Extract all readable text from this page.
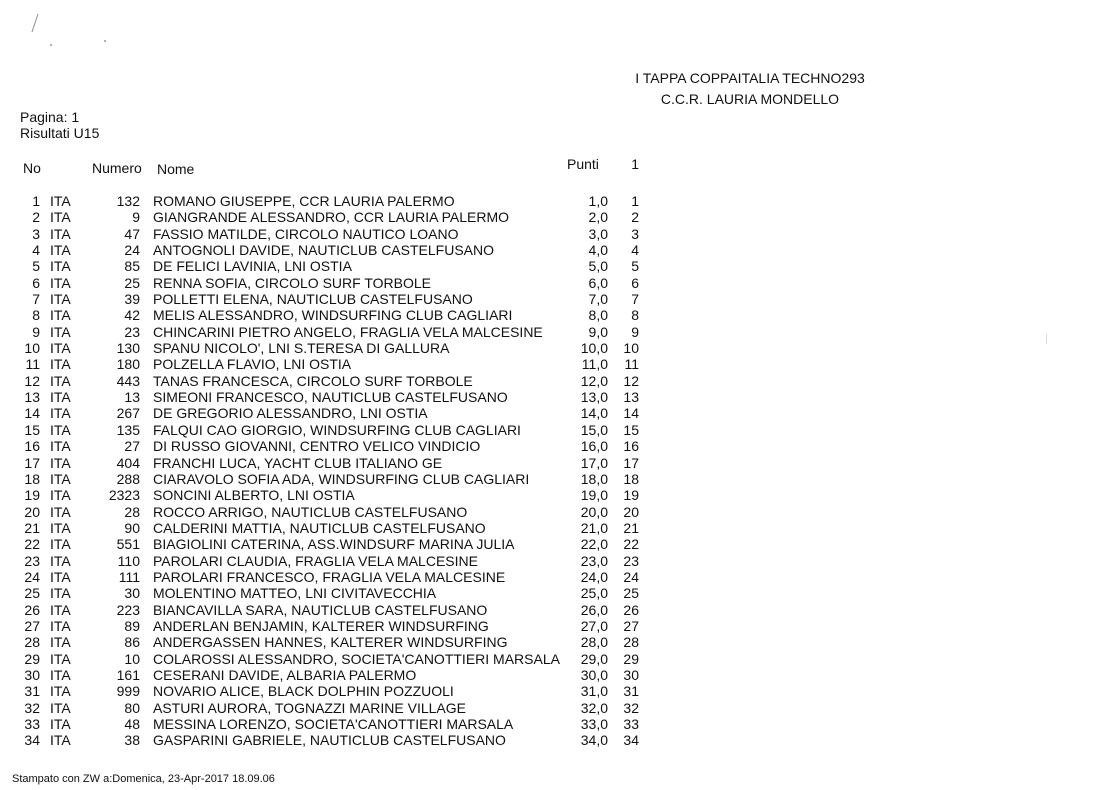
I TAPPA COPPAITALIA TECHNO293
C.C.R. LAURIA MONDELLO
Pagina: 1
Risultati U15
No	Numero Nome	Punti	1
1 ITA	132 ROMANO GIUSEPPE, CCR LAURIA PALERMO	1,0	1
2 ITA	9 GIANGRANDE ALESSANDRO, CCR LAURIA PALERMO	2,0	2
3 ITA	47 FASSIO MATILDE, CIRCOLO NAUTICO LOANO	3,0	3
4 ITA	24 ANTOGNOLI DAVIDE, NAUTICLUB CASTELFUSANO	4,0	4
5 ITA	85 DE FELICI LAVINIA, LNI OSTIA	5,0	5
6 ITA	25 RENNA SOFIA, CIRCOLO SURF TORBOLE	6,0	6
7 ITA	39 POLLETTI ELENA, NAUTICLUB CASTELFUSANO	7,0	7
8 ITA	42 MELIS ALESSANDRO, WINDSURFING CLUB CAGLIARI	8,0	8
9 ITA	23 CHINCARINI PIETRO ANGELO, FRAGLIA VELA MALCESINE	9,0	9
10 ITA	130 SPANU NICOLO', LNI S.TERESA DI GALLURA	10,0	10
11 ITA	180 POLZELLA FLAVIO, LNI OSTIA	11,0	11
12 ITA	443 TANAS FRANCESCA, CIRCOLO SURF TORBOLE	12,0	12
13 ITA	13 SIMEONI FRANCESCO, NAUTICLUB CASTELFUSANO	13,0	13
14 ITA	267 DE GREGORIO ALESSANDRO, LNI OSTIA	14,0	14
15 ITA	135 FALQUI CAO GIORGIO, WINDSURFING CLUB CAGLIARI	15,0	15
16 ITA	27 DI RUSSO GIOVANNI, CENTRO VELICO VINDICIO	16,0	16
17 ITA	404 FRANCHI LUCA, YACHT CLUB ITALIANO GE	17,0	17
18 ITA	288 CIARAVOLO SOFIA ADA, WINDSURFING CLUB CAGLIARI	18,0	18
19 ITA	2323 SONCINI ALBERTO, LNI OSTIA	19,0	19
20 ITA	28 ROCCO ARRIGO, NAUTICLUB CASTELFUSANO	20,0	20
21 ITA	90 CALDERINI MATTIA, NAUTICLUB CASTELFUSANO	21,0	21
22 ITA	551 BIAGIOLINI CATERINA, ASS.WINDSURF MARINA JULIA	22,0	22
23 ITA	110 PAROLARI CLAUDIA, FRAGLIA VELA MALCESINE	23,0	23
24 ITA	111 PAROLARI FRANCESCO, FRAGLIA VELA MALCESINE	24,0	24
25 ITA	30 MOLENTINO MATTEO, LNI CIVITAVECCHIA	25,0	25
26 ITA	223 BIANCAVILLA SARA, NAUTICLUB CASTELFUSANO	26,0	26
27 ITA	89 ANDERLAN BENJAMIN, KALTERER WINDSURFING	27,0	27
28 ITA	86 ANDERGASSEN HANNES, KALTERER WINDSURFING	28,0	28
29 ITA	10 COLAROSSI ALESSANDRO, SOCIETA'CANOTTIERI MARSALA	29,0	29
30 ITA	161 CESERANI DAVIDE, ALBARIA PALERMO	30,0	30
31 ITA	999 NOVARIO ALICE, BLACK DOLPHIN POZZUOLI	31,0	31
32 ITA	80 ASTURI AURORA, TOGNAZZI MARINE VILLAGE	32,0	32
33 ITA	48 MESSINA LORENZO, SOCIETA'CANOTTIERI MARSALA	33,0	33
34 ITA	38 GASPARINI GABRIELE, NAUTICLUB CASTELFUSANO	34,0	34
Stampato con ZW a:Domenica, 23-Apr-2017 18.09.06
